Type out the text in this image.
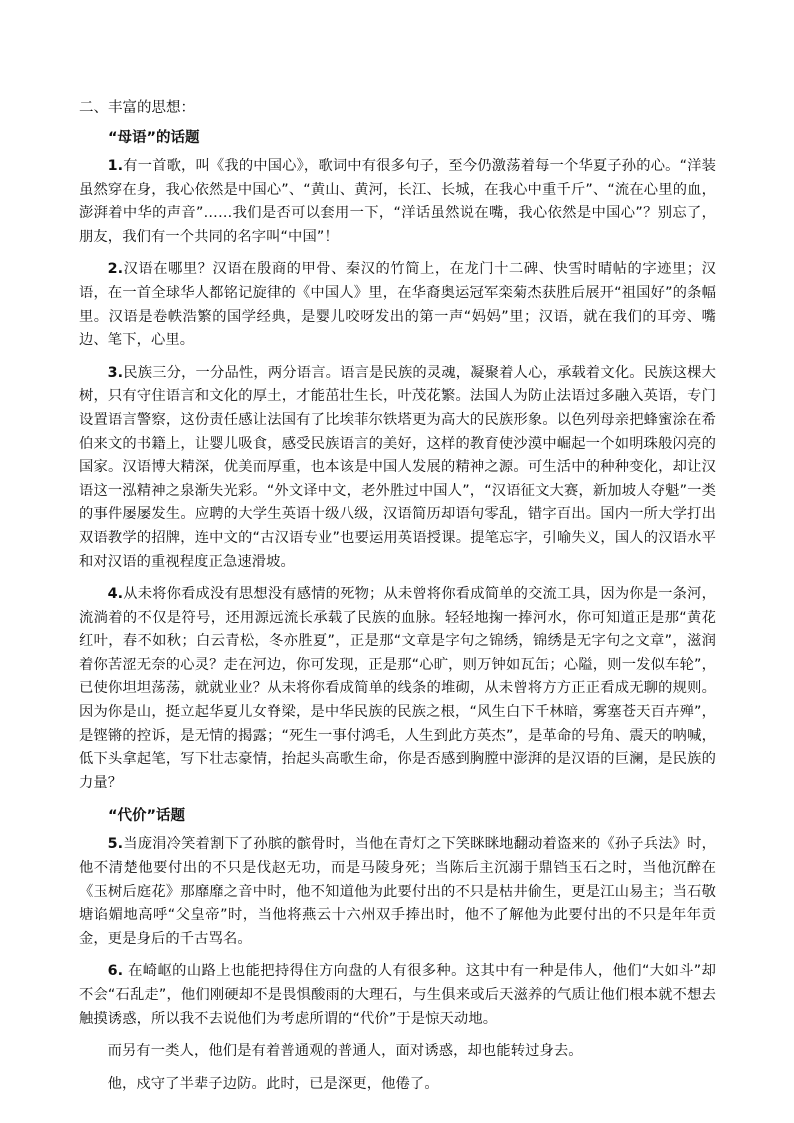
二、丰富的思想：

“母语”的话题

1.有一首歌，叫《我的中国心》，歌词中有很多句子，至今仍激荡着每一个华夏子孙的心。“洋装虽然穿在身，我心依然是中国心”、“黄山、黄河，长江、长城，在我心中重千斤”、“流在心里的血，澎湃着中华的声音”……我们是否可以套用一下，“洋话虽然说在嘴，我心依然是中国心”？别忘了，朋友，我们有一个共同的名字叫“中国”！

2.汉语在哪里？汉语在殷商的甲骨、秦汉的竹简上，在龙门十二碑、快雪时晴帖的字迹里；汉语，在一首全球华人都铭记旋律的《中国人》里，在华裔奥运冠军栾菊杰获胜后展开“祖国好”的条幅里。汉语是卷帙浩繁的国学经典，是婴儿咬呀发出的第一声“妈妈”里；汉语，就在我们的耳旁、嘴边、笔下，心里。

3.民族三分，一分品性，两分语言。语言是民族的灵魂，凝聚着人心，承载着文化。民族这棵大树，只有守住语言和文化的厚土，才能茁壮生长，叶茂花繁。法国人为防止法语过多融入英语，专门设置语言警察，这份责任感让法国有了比埃菲尔铁塔更为高大的民族形象。以色列母亲把蜂蜜涂在希伯来文的书籍上，让婴儿吸食，感受民族语言的美好，这样的教育使沙漠中崛起一个如明珠般闪亮的国家。汉语博大精深，优美而厚重，也本该是中国人发展的精神之源。可生活中的种种变化，却让汉语这一泓精神之泉渐失光彩。“外文译中文，老外胜过中国人”，“汉语征文大赛，新加坡人夺魁”一类的事件屡屡发生。应聘的大学生英语十级八级，汉语简历却语句零乱，错字百出。国内一所大学打出双语教学的招牌，连中文的“古汉语专业”也要运用英语授课。提笔忘字，引喻失义，国人的汉语水平和对汉语的重视程度正急速滑坡。

4.从未将你看成没有思想没有感情的死物；从未曾将你看成简单的交流工具，因为你是一条河，流淌着的不仅是符号，还用源远流长承载了民族的血脉。轻轻地掬一捧河水，你可知道正是那“黄花红叶，春不如秋；白云青松，冬亦胜夏”，正是那“文章是字句之锦绣，锦绣是无字句之文章”，滋润着你苦涩无奈的心灵？走在河边，你可发现，正是那“心旷，则万钟如瓦缶；心隘，则一发似车轮”，已使你坦坦荡荡，就就业业？从未将你看成简单的线条的堆砌，从未曾将方方正正看成无聊的规则。因为你是山，挺立起华夏儿女脊梁，是中华民族的民族之根，“风生白下千林暗，雾塞苍天百卉殚”，是铿锵的控诉，是无情的揭露；“死生一事付鸿毛，人生到此方英杰”，是革命的号角、震天的呐喊，低下头拿起笔，写下壮志豪情，抬起头高歌生命，你是否感到胸膛中澎湃的是汉语的巨澜，是民族的力量？

“代价”话题

5.当庞涓冷笑着割下了孙膑的髌骨时，当他在青灯之下笑眯眯地翻动着盗来的《孙子兵法》时，他不清楚他要付出的不只是伐赵无功，而是马陵身死；当陈后主沉溺于鼎铛玉石之时，当他沉醉在《玉树后庭花》那靡靡之音中时，他不知道他为此要付出的不只是枯井偷生，更是江山易主；当石敬塘谄媚地高呼“父皇帝”时，当他将燕云十六州双手捧出时，他不了解他为此要付出的不只是年年贡金，更是身后的千古骂名。

6. 在崎岖的山路上也能把持得住方向盘的人有很多种。这其中有一种是伟人，他们“大如斗”却不会“石乱走”，他们刚硬却不是畏惧酸雨的大理石，与生俱来或后天滋养的气质让他们根本就不想去触摸诱惑，所以我不去说他们为考虑所谓的“代价”于是惊天动地。

而另有一类人，他们是有着普通观的普通人，面对诱惑，却也能转过身去。

他，戍守了半辈子边防。此时，已是深更，他倦了。
